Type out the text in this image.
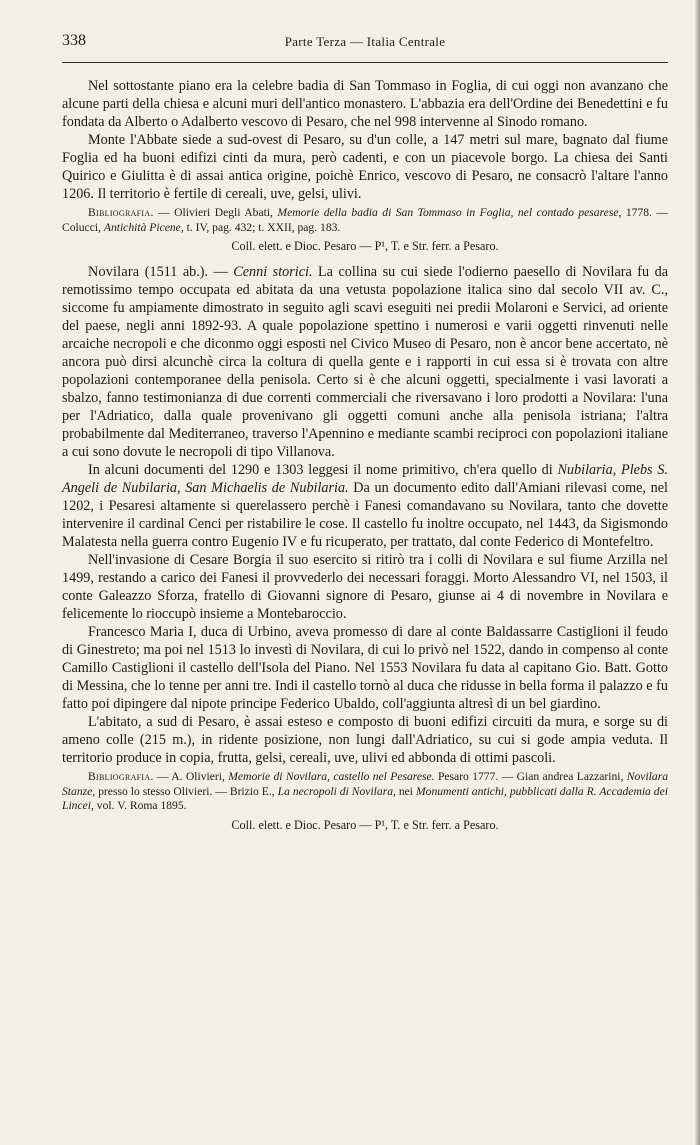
338	Parte Terza — Italia Centrale

Nel sottostante piano era la celebre badia di San Tommaso in Foglia, di cui oggi non avanzano che alcune parti della chiesa e alcuni muri dell'antico monastero. L'abbazia era dell'Ordine dei Benedettini e fu fondata da Alberto o Adalberto vescovo di Pesaro, che nel 998 intervenne al Sinodo romano.

Monte l'Abbate siede a sud-ovest di Pesaro, su d'un colle, a 147 metri sul mare, bagnato dal fiume Foglia ed ha buoni edifizi cinti da mura, però cadenti, e con un piacevole borgo. La chiesa dei Santi Quirico e Giulitta è di assai antica origine, poichè Enrico, vescovo di Pesaro, ne consacrò l'altare l'anno 1206. Il territorio è fertile di cereali, uve, gelsi, ulivi.

Bibliografia. — Olivieri Degli Abati, Memorie della badia di San Tommaso in Foglia, nel contado pesarese, 1778. — Colucci, Antichità Picene, t. IV, pag. 432; t. XXII, pag. 183.

Coll. elett. e Dioc. Pesaro — P¹, T. e Str. ferr. a Pesaro.

Novilara (1511 ab.). — Cenni storici. La collina su cui siede l'odierno paesello di Novilara fu da remotissimo tempo occupata ed abitata da una vetusta popolazione italica sino dal secolo VII av. C., siccome fu ampiamente dimostrato in seguito agli scavi eseguiti nei predii Molaroni e Servici, ad oriente del paese, negli anni 1892-93. A quale popolazione spettino i numerosi e varii oggetti rinvenuti nelle arcaiche necropoli e che diconmo oggi esposti nel Civico Museo di Pesaro, non è ancor bene accertato, nè ancora può dirsi alcunchè circa la coltura di quella gente e i rapporti in cui essa si è trovata con altre popolazioni contemporanee della penisola. Certo si è che alcuni oggetti, specialmente i vasi lavorati a sbalzo, fanno testimonianza di due correnti commerciali che riversavano i loro prodotti a Novilara: l'una per l'Adriatico, dalla quale provenivano gli oggetti comuni anche alla penisola istriana; l'altra probabilmente dal Mediterraneo, traverso l'Apennino e mediante scambi reciproci con popolazioni italiane a cui sono dovute le necropoli di tipo Villanova.

In alcuni documenti del 1290 e 1303 leggesi il nome primitivo, ch'era quello di Nubilaria, Plebs S. Angeli de Nubilaria, San Michaelis de Nubilaria. Da un documento edito dall'Amiani rilevasi come, nel 1202, i Pesaresi altamente si querelassero perchè i Fanesi comandavano su Novilara, tanto che dovette intervenire il cardinal Cenci per ristabilire le cose. Il castello fu inoltre occupato, nel 1443, da Sigismondo Malatesta nella guerra contro Eugenio IV e fu ricuperato, per trattato, dal conte Federico di Montefeltro.

Nell'invasione di Cesare Borgia il suo esercito si ritirò tra i colli di Novilara e sul fiume Arzilla nel 1499, restando a carico dei Fanesi il provvederlo dei necessari foraggi. Morto Alessandro VI, nel 1503, il conte Galeazzo Sforza, fratello di Giovanni signore di Pesaro, giunse ai 4 di novembre in Novilara e felicemente lo rioccupò insieme a Montebaroccio.

Francesco Maria I, duca di Urbino, aveva promesso di dare al conte Baldassarre Castiglioni il feudo di Ginestreto; ma poi nel 1513 lo investì di Novilara, di cui lo privò nel 1522, dando in compenso al conte Camillo Castiglioni il castello dell'Isola del Piano. Nel 1553 Novilara fu data al capitano Gio. Batt. Gotto di Messina, che lo tenne per anni tre. Indi il castello tornò al duca che ridusse in bella forma il palazzo e fu fatto poi dipingere dal nipote principe Federico Ubaldo, coll'aggiunta altresì di un bel giardino.

L'abitato, a sud di Pesaro, è assai esteso e composto di buoni edifizi circuiti da mura, e sorge su di ameno colle (215 m.), in ridente posizione, non lungi dall'Adriatico, su cui si gode ampia veduta. Il territorio produce in copia, frutta, gelsi, cereali, uve, ulivi ed abbonda di ottimi pascoli.

Bibliografia. — A. Olivieri, Memorie di Novilara, castello nel Pesarese. Pesaro 1777. — Gian andrea Lazzarini, Novilara Stanze, presso lo stesso Olivieri. — Brizio E., La necropoli di Novilara, nei Monumenti antichi, pubblicati dalla R. Accademia dei Lincei, vol. V. Roma 1895.

Coll. elett. e Dioc. Pesaro — P¹, T. e Str. ferr. a Pesaro.
